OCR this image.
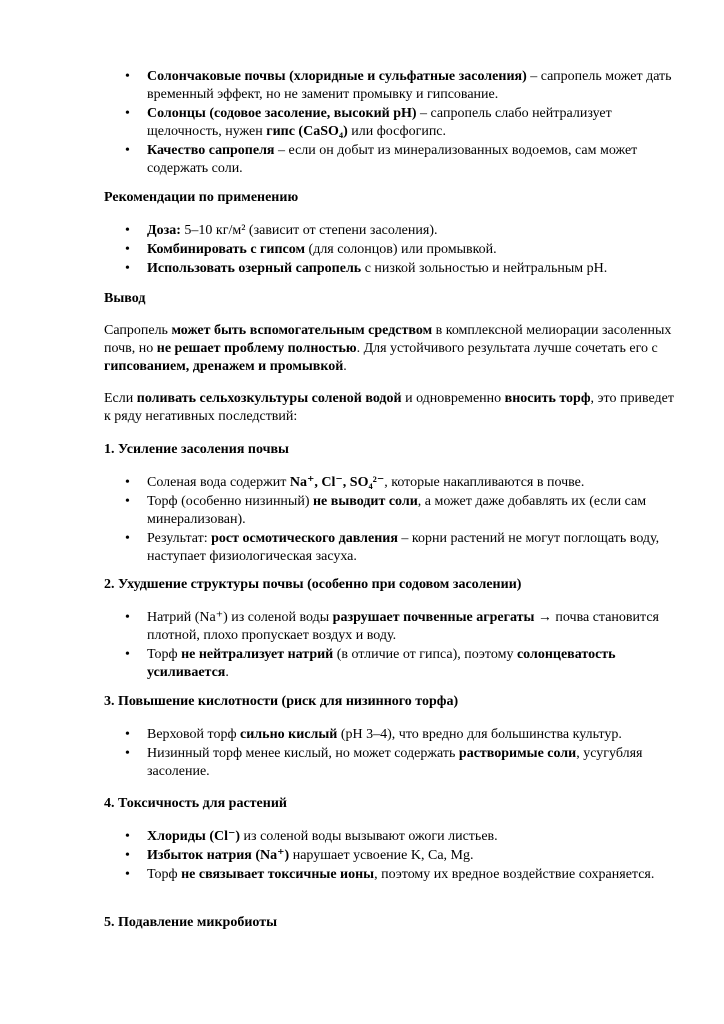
• Солончаковые почвы (хлоридные и сульфатные засоления) – сапропель может дать временный эффект, но не заменит промывку и гипсование.
• Солонцы (содовое засоление, высокий pH) – сапропель слабо нейтрализует щелочность, нужен гипс (CaSO₄) или фосфогипс.
• Качество сапропеля – если он добыт из минерализованных водоемов, сам может содержать соли.
Рекомендации по применению
• Доза: 5–10 кг/м² (зависит от степени засоления).
• Комбинировать с гипсом (для солонцов) или промывкой.
• Использовать озерный сапропель с низкой зольностью и нейтральным pH.
Вывод

Сапропель может быть вспомогательным средством в комплексной мелиорации засоленных почв, но не решает проблему полностью. Для устойчивого результата лучше сочетать его с гипсованием, дренажем и промывкой.

Если поливать сельхозкультуры соленой водой и одновременно вносить торф, это приведет к ряду негативных последствий:

1. Усиление засоления почвы
• Соленая вода содержит Na⁺, Cl⁻, SO₄²⁻, которые накапливаются в почве.
• Торф (особенно низинный) не выводит соли, а может даже добавлять их (если сам минерализован).
• Результат: рост осмотического давления – корни растений не могут поглощать воду, наступает физиологическая засуха.
2. Ухудшение структуры почвы (особенно при содовом засолении)
• Натрий (Na⁺) из соленой воды разрушает почвенные агрегаты → почва становится плотной, плохо пропускает воздух и воду.
• Торф не нейтрализует натрий (в отличие от гипса), поэтому солонцеватость усиливается.
3. Повышение кислотности (риск для низинного торфа)
• Верховой торф сильно кислый (pH 3–4), что вредно для большинства культур.
• Низинный торф менее кислый, но может содержать растворимые соли, усугубляя засоление.
4. Токсичность для растений
• Хлориды (Cl⁻) из соленой воды вызывают ожоги листьев.
• Избыток натрия (Na⁺) нарушает усвоение K, Ca, Mg.
• Торф не связывает токсичные ионы, поэтому их вредное воздействие сохраняется.
5. Подавление микробиоты
